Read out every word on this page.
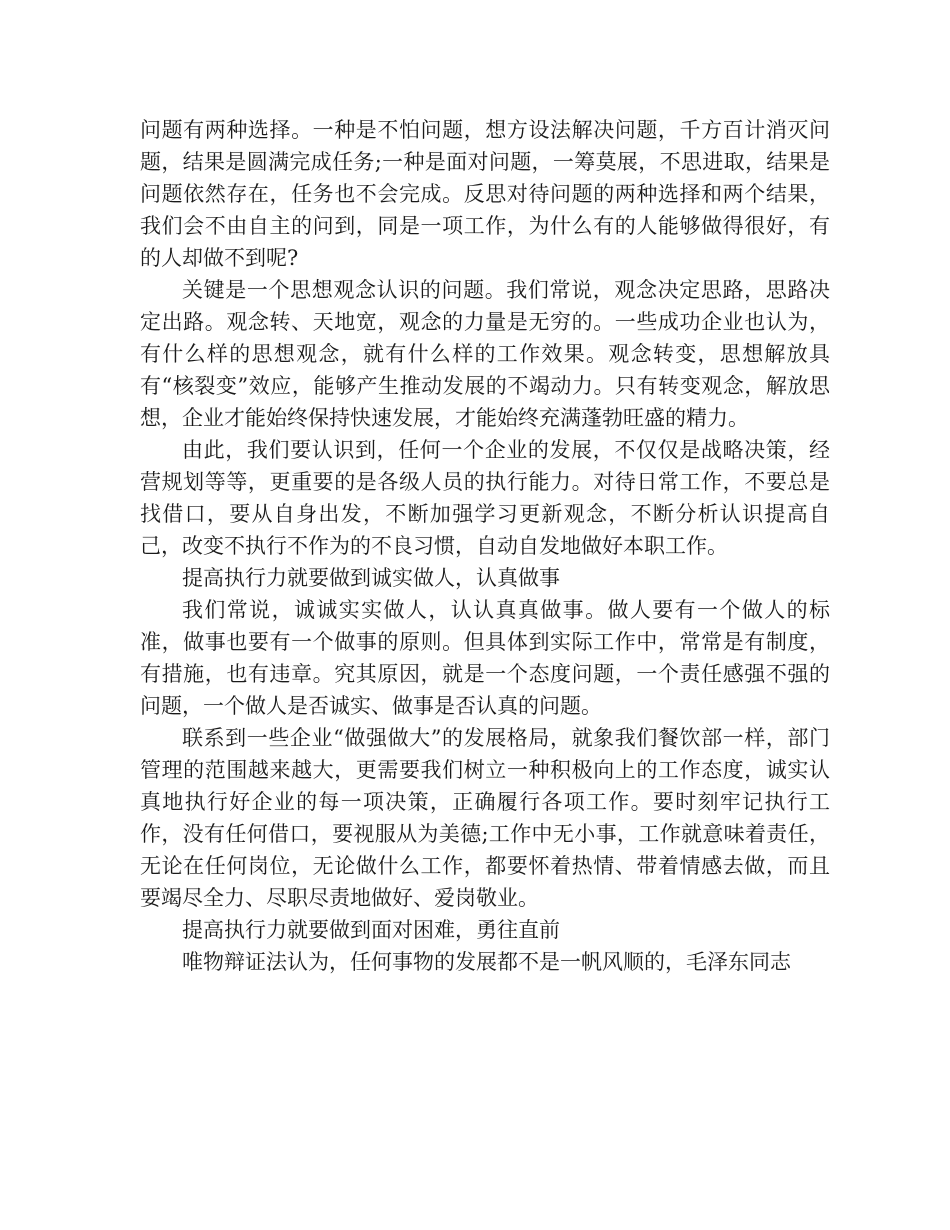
问题有两种选择。一种是不怕问题，想方设法解决问题，千方百计消灭问题，结果是圆满完成任务;一种是面对问题，一筹莫展，不思进取，结果是问题依然存在，任务也不会完成。反思对待问题的两种选择和两个结果，我们会不由自主的问到，同是一项工作，为什么有的人能够做得很好，有的人却做不到呢?

关键是一个思想观念认识的问题。我们常说，观念决定思路，思路决定出路。观念转、天地宽，观念的力量是无穷的。一些成功企业也认为，有什么样的思想观念，就有什么样的工作效果。观念转变，思想解放具有“核裂变”效应，能够产生推动发展的不竭动力。只有转变观念，解放思想，企业才能始终保持快速发展，才能始终充满蓬勃旺盛的精力。

由此，我们要认识到，任何一个企业的发展，不仅仅是战略决策，经营规划等等，更重要的是各级人员的执行能力。对待日常工作，不要总是找借口，要从自身出发，不断加强学习更新观念，不断分析认识提高自己，改变不执行不作为的不良习惯，自动自发地做好本职工作。

提高执行力就要做到诚实做人，认真做事

我们常说，诚诚实实做人，认认真真做事。做人要有一个做人的标准，做事也要有一个做事的原则。但具体到实际工作中，常常是有制度，有措施，也有违章。究其原因，就是一个态度问题，一个责任感强不强的问题，一个做人是否诚实、做事是否认真的问题。

联系到一些企业“做强做大”的发展格局，就象我们餐饮部一样，部门管理的范围越来越大，更需要我们树立一种积极向上的工作态度，诚实认真地执行好企业的每一项决策，正确履行各项工作。要时刻牢记执行工作，没有任何借口，要视服从为美德;工作中无小事，工作就意味着责任，无论在任何岗位，无论做什么工作，都要怀着热情、带着情感去做，而且要竭尽全力、尽职尽责地做好、爱岗敬业。

提高执行力就要做到面对困难，勇往直前

唯物辩证法认为，任何事物的发展都不是一帆风顺的，毛泽东同志
